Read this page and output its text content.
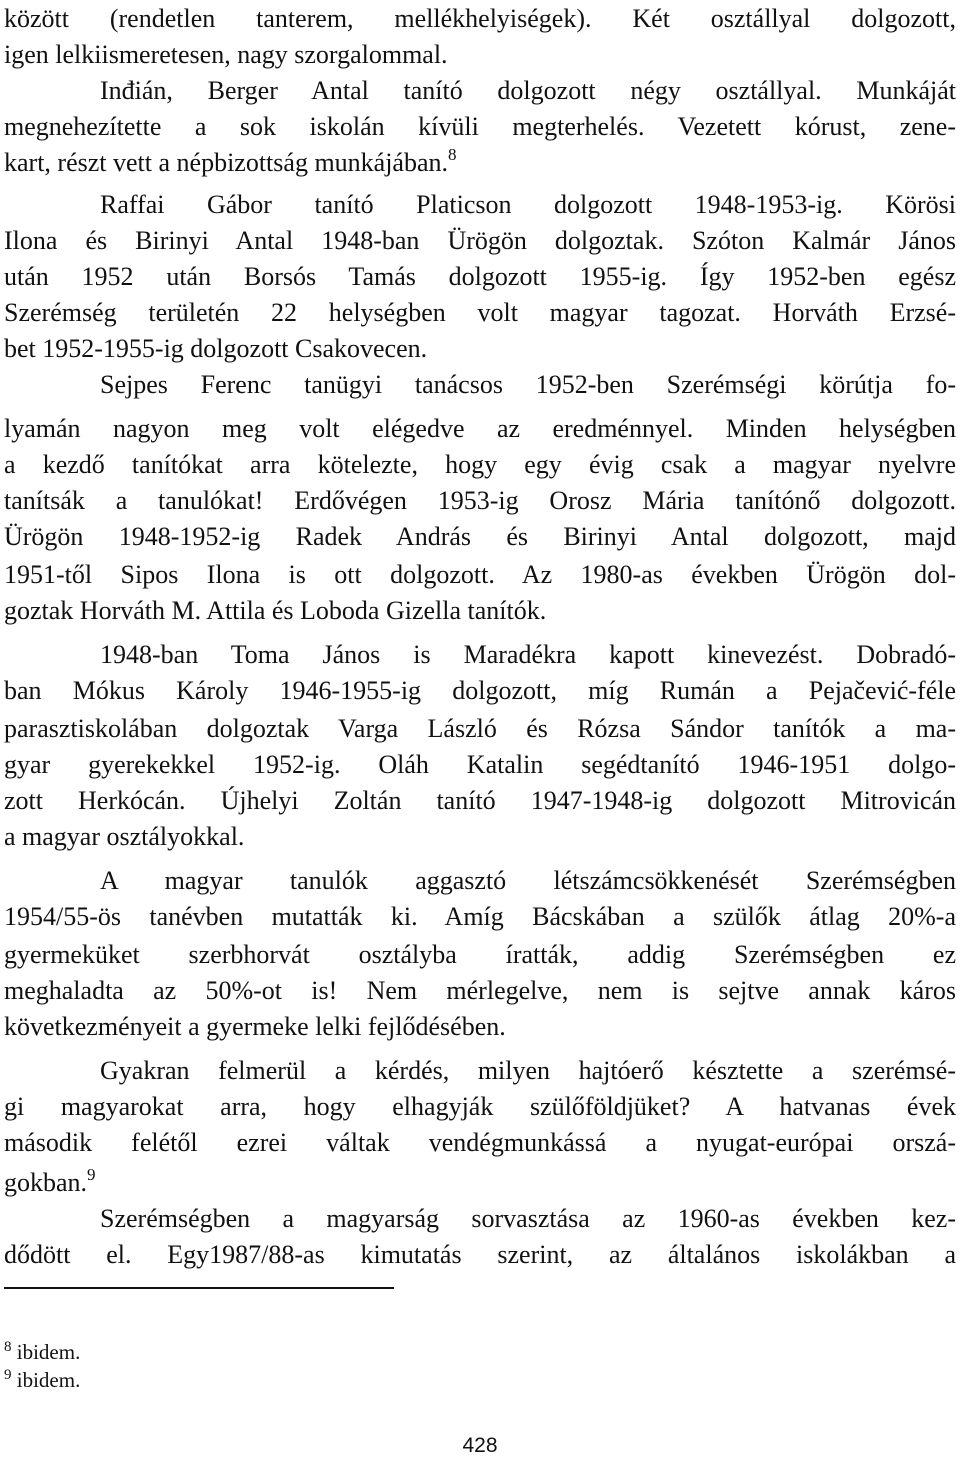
között (rendetlen tanterem, mellékhelyiségek). Két osztállyal dolgozott,
igen lelkiismeretesen, nagy szorgalommal.
Inđián, Berger Antal tanító dolgozott négy osztállyal. Munkáját
megnehezítette a sok iskolán kívüli megterhelés. Vezetett kórust, zene-
kart, részt vett a népbizottság munkájában.$^8$
Raffai Gábor tanító Platicson dolgozott 1948-1953-ig. Körösi
Ilona és Birinyi Antal 1948-ban Ürögön dolgoztak. Szóton Kalmár János
után 1952 után Borsós Tamás dolgozott 1955-ig. Így 1952-ben egész
Szerémség területén 22 helységben volt magyar tagozat. Horváth Erzsé-
bet 1952-1955-ig dolgozott Csakovecen.
Sejpes Ferenc tanügyi tanácsos 1952-ben Szerémségi körútja fo-
lyamán nagyon meg volt elégedve az eredménnyel. Minden helységben
a kezdő tanítókat arra kötelezte, hogy egy évig csak a magyar nyelvre
tanítsák a tanulókat! Erdővégen 1953-ig Orosz Mária tanítónő dolgozott.
Ürögön 1948-1952-ig Radek András és Birinyi Antal dolgozott, majd
1951-től Sipos Ilona is ott dolgozott. Az 1980-as években Ürögön dol-
goztak Horváth M. Attila és Loboda Gizella tanítók.
1948-ban Toma János is Maradékra kapott kinevezést. Dobradó-
ban Mókus Károly 1946-1955-ig dolgozott, míg Rumán a Pejačević-féle
parasztiskolában dolgoztak Varga László és Rózsa Sándor tanítók a ma-
gyar gyerekekkel 1952-ig. Oláh Katalin segédtanító 1946-1951 dolgo-
zott Herkócán. Újhelyi Zoltán tanító 1947-1948-ig dolgozott Mitrovicán
a magyar osztályokkal.
A magyar tanulók aggasztó létszámcsökkenését Szerémségben
1954/55-ös tanévben mutatták ki. Amíg Bácskában a szülők átlag 20%-a
gyermeküket szerbhorvát osztályba íratták, addig Szerémségben ez
meghaladta az 50%-ot is! Nem mérlegelve, nem is sejtve annak káros
következményeit a gyermeke lelki fejlődésében.
Gyakran felmerül a kérdés, milyen hajtóerő késztette a szerémsé-
gi magyarokat arra, hogy elhagyják szülőföldjüket? A hatvanas évek
második felétől ezrei váltak vendégmunkássá a nyugat-európai orszá-
gokban.$^9$
Szerémségben a magyarság sorvasztása az 1960-as években kez-
dődött el. Egy1987/88-as kimutatás szerint, az általános iskolákban a
$^8$ ibidem.
$^9$ ibidem.
428
